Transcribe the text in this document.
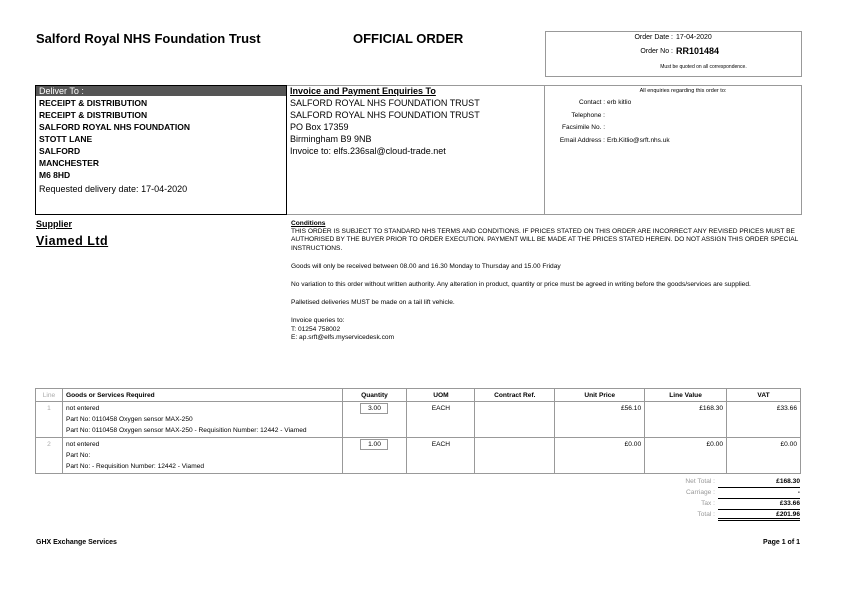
Salford Royal NHS Foundation Trust	OFFICIAL ORDER	Order Date : 17-04-2020
Order No : RR101484
Must be quoted on all correspondence.
Deliver To :
RECEIPT & DISTRIBUTION
RECEIPT & DISTRIBUTION
SALFORD ROYAL NHS FOUNDATION
STOTT LANE
SALFORD
MANCHESTER
M6 8HD
Requested delivery date: 17-04-2020
Invoice and Payment Enquiries To
SALFORD ROYAL NHS FOUNDATION TRUST
SALFORD ROYAL NHS FOUNDATION TRUST
PO Box 17359
Birmingham B9 9NB
Invoice to: elfs.236sal@cloud-trade.net
All enquiries regarding this order to:
Contact : erb kitlio
Telephone :
Facsimile No. :
Email Address : Erb.Kitlio@srft.nhs.uk
Supplier
Viamed Ltd
Conditions

THIS ORDER IS SUBJECT TO STANDARD NHS TERMS AND CONDITIONS. IF PRICES STATED ON THIS ORDER ARE INCORRECT ANY REVISED PRICES MUST BE AUTHORISED BY THE BUYER PRIOR TO ORDER EXECUTION. PAYMENT WILL BE MADE AT THE PRICES STATED HEREIN. DO NOT ASSIGN THIS ORDER SPECIAL INSTRUCTIONS.

Goods will only be received between 08.00 and 16.30 Monday to Thursday and 15.00 Friday

No variation to this order without written authority. Any alteration in product, quantity or price must be agreed in writing before the goods/services are supplied.

Palletised deliveries MUST be made on a tail lift vehicle.

Invoice queries to:
T: 01254 758002
E: ap.srft@elfs.myservicedesk.com
Line	Goods or Services Required	Quantity	UOM	Contract Ref.	Unit Price	Line Value	VAT
1	not entered
Part No: 0110458 Oxygen sensor MAX-250
Part No: 0110458 Oxygen sensor MAX-250 - Requisition Number: 12442 - Viamed	3.00	EACH		£56.10	£168.30	£33.66
2	not entered
Part No:
Part No: - Requisition Number: 12442 - Viamed	1.00	EACH		£0.00	£0.00	£0.00
Net Total :	£168.30
Carriage :	-
Tax :	£33.66
Total :	£201.96
GHX Exchange Services	Page 1 of 1
